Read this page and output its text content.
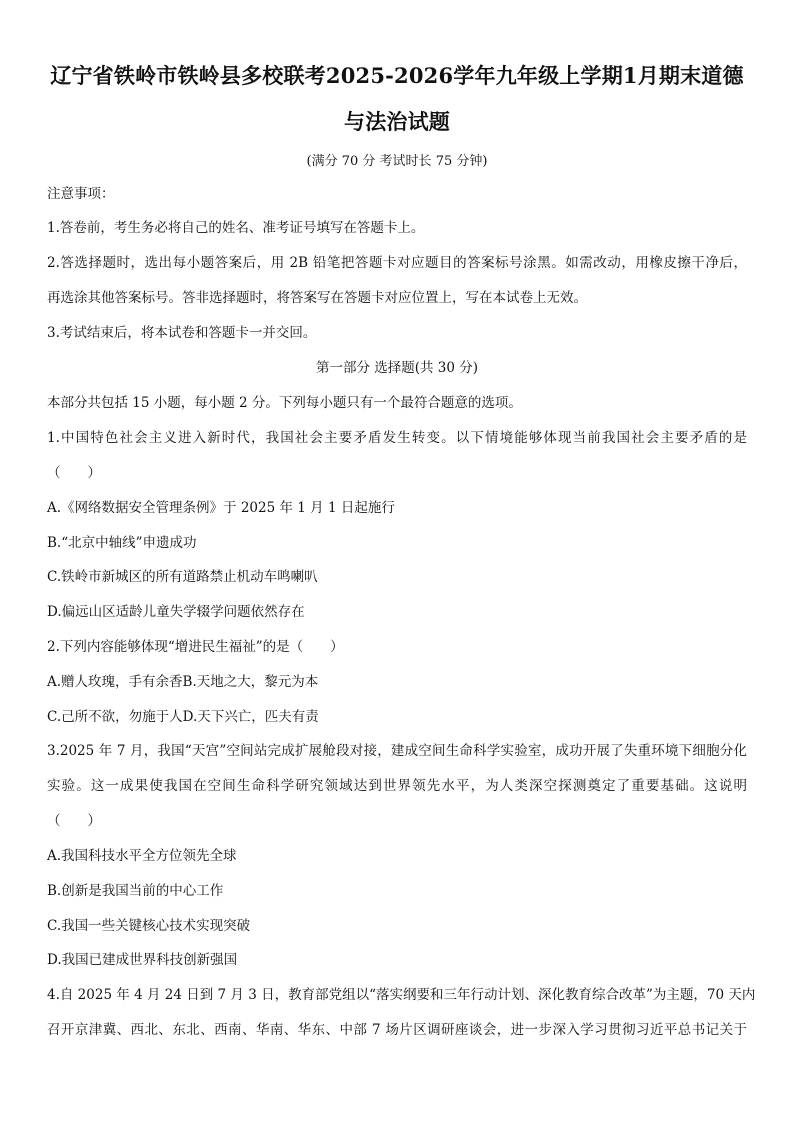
辽宁省铁岭市铁岭县多校联考2025-2026学年九年级上学期1月期末道德
与法治试题
(满分 70 分 考试时长 75 分钟)
注意事项：
1.答卷前，考生务必将自己的姓名、准考证号填写在答题卡上。
2.答选择题时，选出每小题答案后，用 2B 铅笔把答题卡对应题目的答案标号涂黑。如需改动，用橡皮擦干净后，
再选涂其他答案标号。答非选择题时，将答案写在答题卡对应位置上，写在本试卷上无效。
3.考试结束后，将本试卷和答题卡一并交回。
第一部分 选择题(共 30 分)
本部分共包括 15 小题，每小题 2 分。下列每小题只有一个最符合题意的选项。
1.中国特色社会主义进入新时代，我国社会主要矛盾发生转变。以下情境能够体现当前我国社会主要矛盾的是
（　　）
A.《网络数据安全管理条例》于 2025 年 1 月 1 日起施行
B.“北京中轴线”申遗成功
C.铁岭市新城区的所有道路禁止机动车鸣喇叭
D.偏远山区适龄儿童失学辍学问题依然存在
2.下列内容能够体现“增进民生福祉”的是（　　）
A.赠人玫瑰，手有余香B.天地之大，黎元为本
C.己所不欲，勿施于人D.天下兴亡，匹夫有责
3.2025 年 7 月，我国“天宫”空间站完成扩展舱段对接，建成空间生命科学实验室，成功开展了失重环境下细胞分化
实验。这一成果使我国在空间生命科学研究领域达到世界领先水平，为人类深空探测奠定了重要基础。这说明
（　　）
A.我国科技水平全方位领先全球
B.创新是我国当前的中心工作
C.我国一些关键核心技术实现突破
D.我国已建成世界科技创新强国
4.自 2025 年 4 月 24 日到 7 月 3 日，教育部党组以“落实纲要和三年行动计划、深化教育综合改革”为主题，70 天内
召开京津冀、西北、东北、西南、华南、华东、中部 7 场片区调研座谈会，进一步深入学习贯彻习近平总书记关于
